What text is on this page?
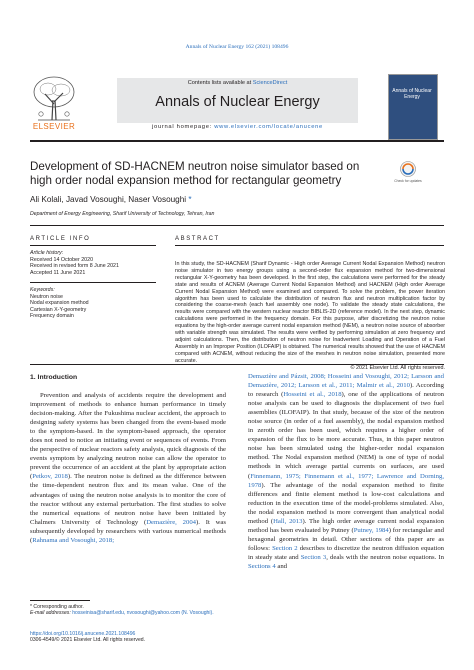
Annals of Nuclear Energy 162 (2021) 108496
ELSEVIER
Contents lists available at ScienceDirect
Annals of Nuclear Energy
journal homepage: www.elsevier.com/locate/anucene
Annals of Nuclear Energy
Development of SD-HACNEM neutron noise simulator based on high order nodal expansion method for rectangular geometry	Check for updates
Ali Kolali, Javad Vosoughi, Naser Vosoughi *
Department of Energy Engineering, Sharif University of Technology, Tehran, Iran
ARTICLE INFO
Article history:
Received 14 October 2020
Received in revised form 8 June 2021
Accepted 11 June 2021
Keywords:
Neutron noise
Nodal expansion method
Cartesian X-Y-geometry
Frequency domain
ABSTRACT
In this study, the SD-HACNEM (Sharif Dynamic - High order Average Current Nodal Expansion Method) neutron noise simulator in two energy groups using a second-order flux expansion method for two-dimensional rectangular X-Y-geometry has been developed. In the first step, the calculations were performed for the steady state and results of ACNEM (Average Current Nodal Expansion Method) and HACNEM (High order Average Current Nodal Expansion Method) were examined and compared. To solve the problem, the power iteration algorithm has been used to calculate the distribution of neutron flux and neutron multiplication factor by considering the coarse-mesh (each fuel assembly one node). To validate the steady state calculations, the results were compared with the western nuclear reactor BIBLIS-2D (reference model). In the next step, dynamic calculations were performed in the frequency domain. For this purpose, after discretizing the neutron noise equations by the high-order average current nodal expansion method (NEM), a neutron noise source of absorber with variable strength was simulated. The results were verified by performing simulation at zero frequency and adjoint calculations. Then, the distribution of neutron noise for Inadvertent Loading and Operation of a Fuel Assembly in an Improper Position (ILOFAIP) is obtained. The numerical results showed that the use of HACNEM compared with ACNEM, without reducing the size of the meshes in neutron noise simulation, presented more accurate.
© 2021 Elsevier Ltd. All rights reserved.
1. Introduction

Prevention and analysis of accidents require the development and improvement of methods to enhance human performance in timely decision-making. After the Fukushima nuclear accident, the approach to designing safety systems has been changed from the event-based mode to the symptom-based. In the symptom-based approach, the operator does not need to notice an initiating event or sequences of events. From the perspective of nuclear reactors safety analysis, quick diagnosis of the events symptom by analyzing neutron noise can allow the operator to prevent the occurrence of an accident at the plant by appropriate action (Petkov, 2018). The neutron noise is defined as the difference between the time-dependent neutron flux and its mean value. One of the advantages of using the neutron noise analysis is to monitor the core of the reactor without any external perturbation. The first studies to solve the numerical equations of neutron noise have been initiated by Chalmers University of Technology (Demazière, 2004). It was subsequently developed by researchers with various numerical methods (Rahnama and Vosoughi, 2018;

Demazière and Pázsit, 2008; Hosseini and Vosoughi, 2012; Larsson and Demazière, 2012; Larsson et al., 2011; Malmir et al., 2010). According to research (Hosseini et al., 2018), one of the applications of neutron noise analysis can be used to diagnosis the displacement of two fuel assemblies (ILOFAIP). In that study, because of the size of the neutron noise source (in order of a fuel assembly), the nodal expansion method in zeroth order has been used, which requires a higher order of expansion of the flux to be more accurate. Thus, in this paper neutron noise has been simulated using the higher-order nodal expansion method. The Nodal expansion method (NEM) is one of type of nodal methods in which average partial currents on surfaces, are used (Finnemann, 1975; Finnemann et al., 1977; Lawrence and Dorning, 1978). The advantage of the nodal expansion method to finite differences and finite element method is low-cost calculations and reduction in the execution time of the model-problems simulated. Also, the nodal expansion method is more convergent than analytical nodal method (Hall, 2013). The high order average current nodal expansion method has been evaluated by Putney (Putney, 1984) for rectangular and hexagonal geometries in detail. Other sections of this paper are as follows: Section 2 describes to discretize the neutron diffusion equation in steady state and Section 3, deals with the neutron noise equations. In Sections 4 and

* Corresponding author.
E-mail addresses: hosseinisa@sharif.edu, nvosoughi@yahoo.com (N. Vosoughi).
https://doi.org/10.1016/j.anucene.2021.108496
0306-4549/© 2021 Elsevier Ltd. All rights reserved.
